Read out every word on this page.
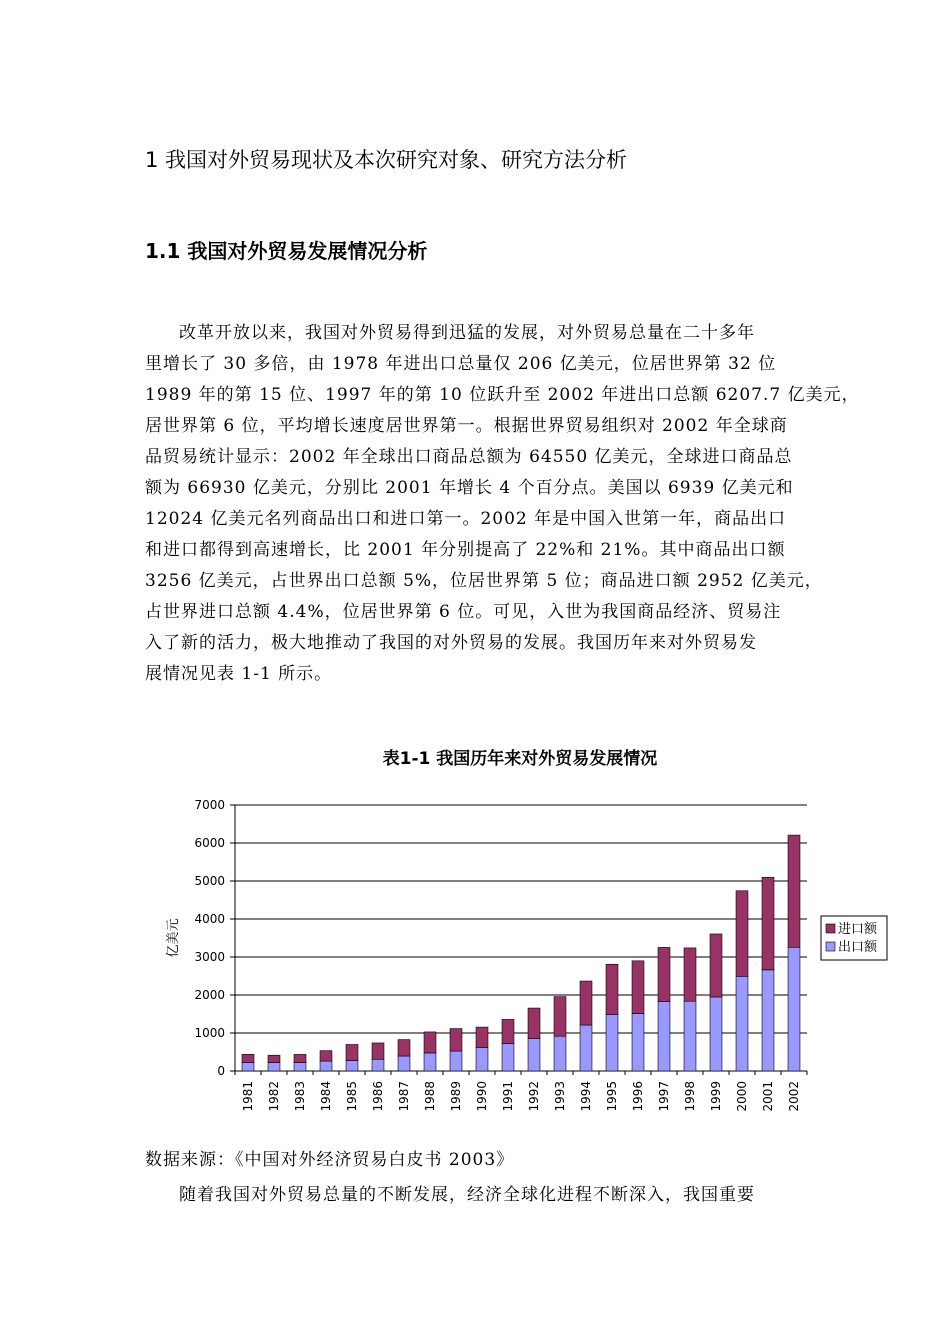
1 我国对外贸易现状及本次研究对象、研究方法分析
1.1 我国对外贸易发展情况分析
改革开放以来，我国对外贸易得到迅猛的发展，对外贸易总量在二十多年
里增长了 30 多倍，由 1978 年进出口总量仅 206 亿美元，位居世界第 32 位
1989 年的第 15 位、1997 年的第 10 位跃升至 2002 年进出口总额 6207.7 亿美元，
居世界第 6 位，平均增长速度居世界第一。根据世界贸易组织对 2002 年全球商
品贸易统计显示：2002 年全球出口商品总额为 64550 亿美元，全球进口商品总
额为 66930 亿美元，分别比 2001 年增长 4 个百分点。美国以 6939 亿美元和
12024 亿美元名列商品出口和进口第一。2002 年是中国入世第一年，商品出口
和进口都得到高速增长，比 2001 年分别提高了 22%和 21%。其中商品出口额
3256 亿美元，占世界出口总额 5%，位居世界第 5 位；商品进口额 2952 亿美元，
占世界进口总额 4.4%，位居世界第 6 位。可见，入世为我国商品经济、贸易注
入了新的活力，极大地推动了我国的对外贸易的发展。我国历年来对外贸易发
展情况见表 1-1 所示。
表1-1 我国历年来对外贸易发展情况
0
1000
2000
3000
4000
5000
6000
7000
亿美元
1981 1982 1983 1984 1985 1986 1987 1988 1989 1990 1991 1992 1993 1994 1995 1996 1997 1998 1999 2000 2001 2002
进口额
出口额
数据来源：《中国对外经济贸易白皮书 2003》
随着我国对外贸易总量的不断发展，经济全球化进程不断深入，我国重要
